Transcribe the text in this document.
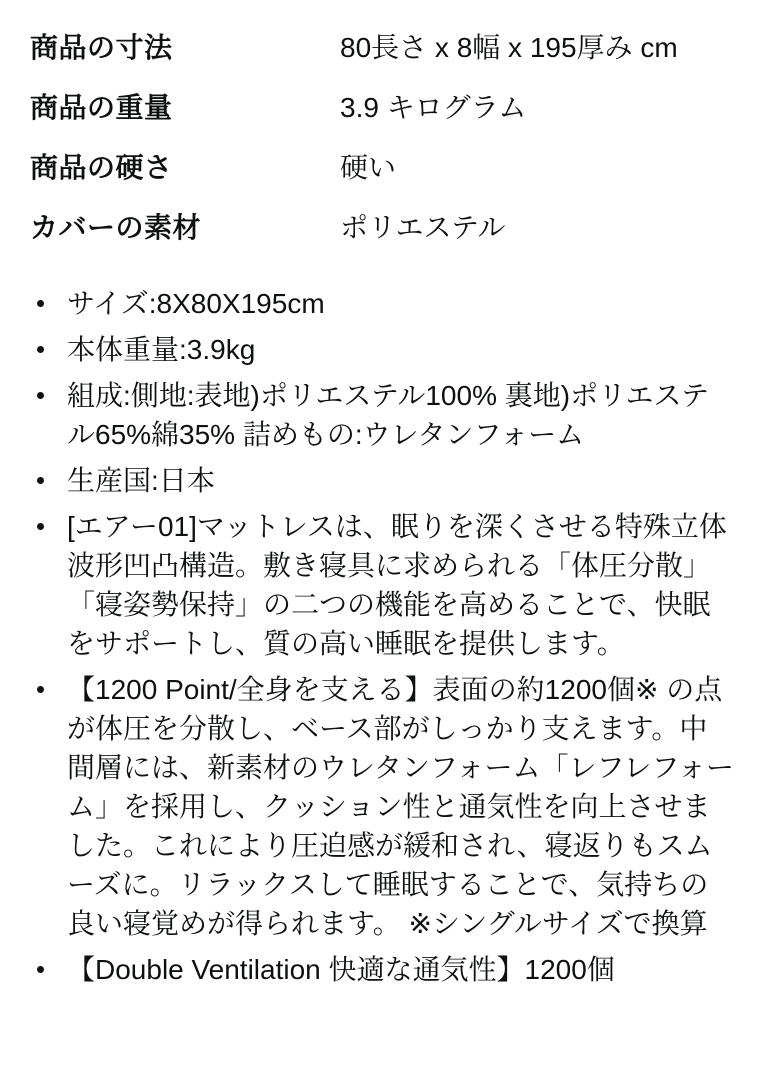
商品の寸法	80長さ x 8幅 x 195厚み cm
商品の重量	3.9 キログラム
商品の硬さ	硬い
カバーの素材	ポリエステル
サイズ:8X80X195cm
本体重量:3.9kg
組成:側地:表地)ポリエステル100% 裏地)ポリエステル65%綿35% 詰めもの:ウレタンフォーム
生産国:日本
[エアー01]マットレスは、眠りを深くさせる特殊立体波形凹凸構造。敷き寝具に求められる「体圧分散」「寝姿勢保持」の二つの機能を高めることで、快眠をサポートし、質の高い睡眠を提供します。
【1200 Point/全身を支える】表面の約1200個※ の点が体圧を分散し、ベース部がしっかり支えます。中間層には、新素材のウレタンフォーム「レフレフォーム」を採用し、クッション性と通気性を向上させました。これにより圧迫感が緩和され、寝返りもスムーズに。リラックスして睡眠することで、気持ちの良い寝覚めが得られます。 ※シングルサイズで換算
【Double Ventilation 快適な通気性】1200個
